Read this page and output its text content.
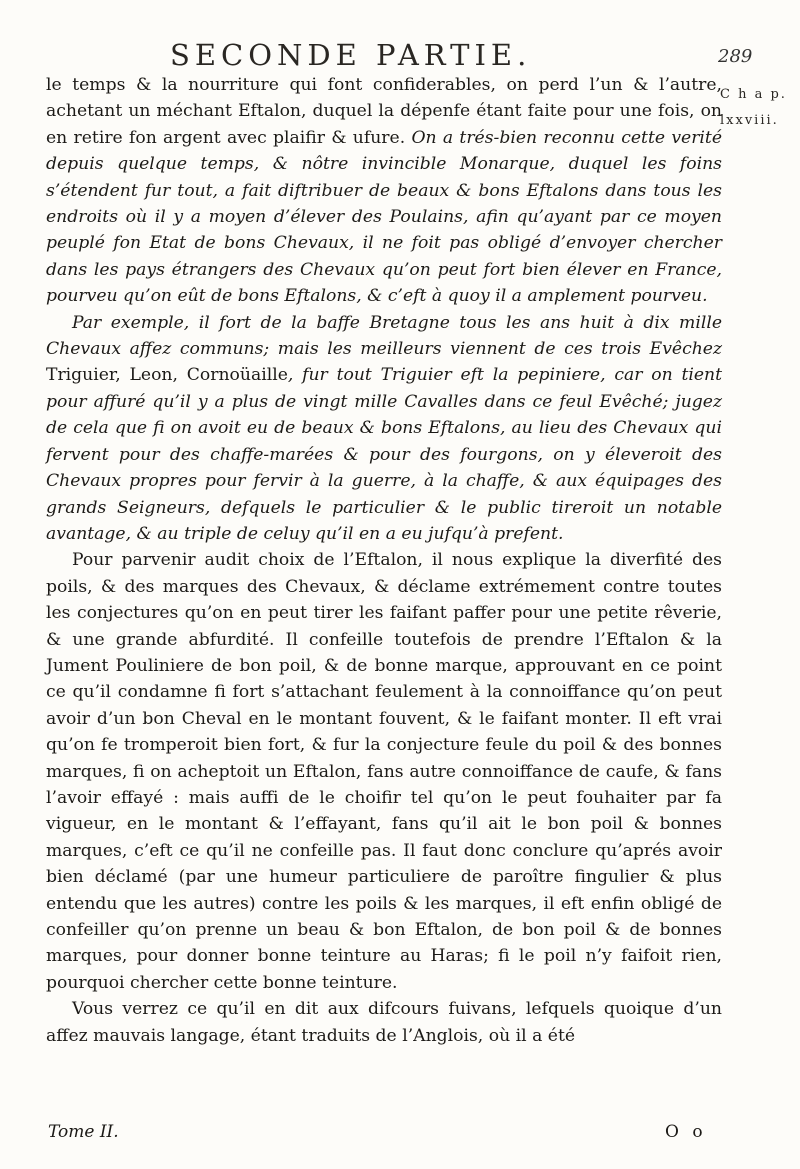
SECONDE PARTIE.	289
C h a p.
lxxviii.

le temps & la nourriture qui font confiderables, on perd l’un & l’autre, achetant un méchant Eftalon, duquel la dépenfe étant faite pour une fois, on en retire fon argent avec plaifir & ufure. On a trés-bien reconnu cette verité depuis quelque temps, & nôtre invincible Monarque, duquel les foins s’étendent fur tout, a fait diftribuer de beaux & bons Eftalons dans tous les endroits où il y a moyen d’élever des Poulains, afin qu’ayant par ce moyen peuplé fon Etat de bons Chevaux, il ne foit pas obligé d’envoyer chercher dans les pays étrangers des Chevaux qu’on peut fort bien élever en France, pourveu qu’on eût de bons Eftalons, & c’eft à quoy il a amplement pourveu.

Par exemple, il fort de la baffe Bretagne tous les ans huit à dix mille Chevaux affez communs; mais les meilleurs viennent de ces trois Evêchez Triguier, Leon, Cornoüaille, fur tout Triguier eft la pepiniere, car on tient pour affuré qu’il y a plus de vingt mille Cavalles dans ce feul Evêché; jugez de cela que fi on avoit eu de beaux & bons Eftalons, au lieu des Chevaux qui fervent pour des chaffe-marées & pour des fourgons, on y éleveroit des Chevaux propres pour fervir à la guerre, à la chaffe, & aux équipages des grands Seigneurs, defquels le particulier & le public tireroit un notable avantage, & au triple de celuy qu’il en a eu jufqu’à prefent.

Pour parvenir audit choix de l’Eftalon, il nous explique la diverfité des poils, & des marques des Chevaux, & déclame extrémement contre toutes les conjectures qu’on en peut tirer les faifant paffer pour une petite rêverie, & une grande abfurdité. Il confeille toutefois de prendre l’Eftalon & la Jument Pouliniere de bon poil, & de bonne marque, approuvant en ce point ce qu’il condamne fi fort s’attachant feulement à la connoiffance qu’on peut avoir d’un bon Cheval en le montant fouvent, & le faifant monter. Il eft vrai qu’on fe tromperoit bien fort, & fur la conjecture feule du poil & des bonnes marques, fi on acheptoit un Eftalon, fans autre connoiffance de caufe, & fans l’avoir effayé : mais auffi de le choifir tel qu’on le peut fouhaiter par fa vigueur, en le montant & l’effayant, fans qu’il ait le bon poil & bonnes marques, c’eft ce qu’il ne confeille pas. Il faut donc conclure qu’aprés avoir bien déclamé (par une humeur particuliere de paroître fingulier & plus entendu que les autres) contre les poils & les marques, il eft enfin obligé de confeiller qu’on prenne un beau & bon Eftalon, de bon poil & de bonnes marques, pour donner bonne teinture au Haras; fi le poil n’y faifoit rien, pourquoi chercher cette bonne teinture.

Vous verrez ce qu’il en dit aux difcours fuivans, lefquels quoique d’un affez mauvais langage, étant traduits de l’Anglois, où il a été

Tome II.	O o
